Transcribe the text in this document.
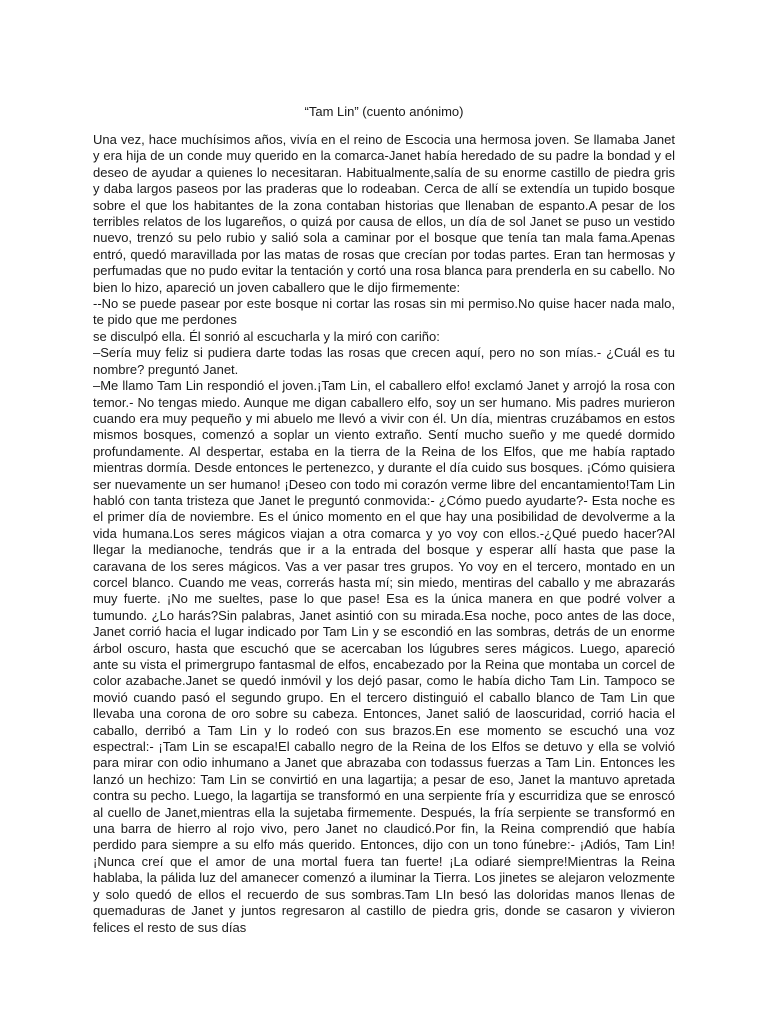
“Tam Lin” (cuento anónimo)

Una vez, hace muchísimos años, vivía en el reino de Escocia una hermosa joven. Se llamaba Janet y era hija de un conde muy querido en la comarca-Janet había heredado de su padre la bondad y el deseo de ayudar a quienes lo necesitaran. Habitualmente,salía de su enorme castillo de piedra gris y daba largos paseos por las praderas que lo rodeaban. Cerca de allí se extendía un tupido bosque sobre el que los habitantes de la zona contaban historias que llenaban de espanto.A pesar de los terribles relatos de los lugareños, o quizá por causa de ellos, un día de sol Janet se puso un vestido nuevo, trenzó su pelo rubio y salió sola a caminar por el bosque que tenía tan mala fama.Apenas entró, quedó maravillada por las matas de rosas que crecían por todas partes. Eran tan hermosas y perfumadas que no pudo evitar la tentación y cortó una rosa blanca para prenderla en su cabello. No bien lo hizo, apareció un joven caballero que le dijo firmemente:

--No se puede pasear por este bosque ni cortar las rosas sin mi permiso.No quise hacer nada malo, te pido que me perdones

se disculpó ella. Él sonrió al escucharla y la miró con cariño:

–Sería muy feliz si pudiera darte todas las rosas que crecen aquí, pero no son mías.- ¿Cuál es tu nombre? preguntó Janet.

–Me llamo Tam Lin respondió el joven.¡Tam Lin, el caballero elfo! exclamó Janet y arrojó la rosa con temor.- No tengas miedo. Aunque me digan caballero elfo, soy un ser humano. Mis padres murieron cuando era muy pequeño y mi abuelo me llevó a vivir con él. Un día, mientras cruzábamos en estos mismos bosques, comenzó a soplar un viento extraño. Sentí mucho sueño y me quedé dormido profundamente. Al despertar, estaba en la tierra de la Reina de los Elfos, que me había raptado mientras dormía. Desde entonces le pertenezco, y durante el día cuido sus bosques. ¡Cómo quisiera ser nuevamente un ser humano! ¡Deseo con todo mi corazón verme libre del encantamiento!Tam Lin habló con tanta tristeza que Janet le preguntó conmovida:- ¿Cómo puedo ayudarte?- Esta noche es el primer día de noviembre. Es el único momento en el que hay una posibilidad de devolverme a la vida humana.Los seres mágicos viajan a otra comarca y yo voy con ellos.-¿Qué puedo hacer?Al llegar la medianoche, tendrás que ir a la entrada del bosque y esperar allí hasta que pase la caravana de los seres mágicos. Vas a ver pasar tres grupos. Yo voy en el tercero, montado en un corcel blanco. Cuando me veas, correrás hasta mí; sin miedo, mentiras del caballo y me abrazarás muy fuerte. ¡No me sueltes, pase lo que pase! Esa es la única manera en que podré volver a tumundo. ¿Lo harás?Sin palabras, Janet asintió con su mirada.Esa noche, poco antes de las doce, Janet corrió hacia el lugar indicado por Tam Lin y se escondió en las sombras, detrás de un enorme árbol oscuro, hasta que escuchó que se acercaban los lúgubres seres mágicos. Luego, apareció ante su vista el primergrupo fantasmal de elfos, encabezado por la Reina que montaba un corcel de color azabache.Janet se quedó inmóvil y los dejó pasar, como le había dicho Tam Lin. Tampoco se movió cuando pasó el segundo grupo. En el tercero distinguió el caballo blanco de Tam Lin que llevaba una corona de oro sobre su cabeza. Entonces, Janet salió de laoscuridad, corrió hacia el caballo, derribó a Tam Lin y lo rodeó con sus brazos.En ese momento se escuchó una voz espectral:- ¡Tam Lin se escapa!El caballo negro de la Reina de los Elfos se detuvo y ella se volvió para mirar con odio inhumano a Janet que abrazaba con todassus fuerzas a Tam Lin. Entonces les lanzó un hechizo: Tam Lin se convirtió en una lagartija; a pesar de eso, Janet la mantuvo apretada contra su pecho. Luego, la lagartija se transformó en una serpiente fría y escurridiza que se enroscó al cuello de Janet,mientras ella la sujetaba firmemente. Después, la fría serpiente se transformó en una barra de hierro al rojo vivo, pero Janet no claudicó.Por fin, la Reina comprendió que había perdido para siempre a su elfo más querido. Entonces, dijo con un tono fúnebre:- ¡Adiós, Tam Lin! ¡Nunca creí que el amor de una mortal fuera tan fuerte! ¡La odiaré siempre!Mientras la Reina hablaba, la pálida luz del amanecer comenzó a iluminar la Tierra. Los jinetes se alejaron velozmente y solo quedó de ellos el recuerdo de sus sombras.Tam LIn besó las doloridas manos llenas de quemaduras de Janet y juntos regresaron al castillo de piedra gris, donde se casaron y vivieron felices el resto de sus días
